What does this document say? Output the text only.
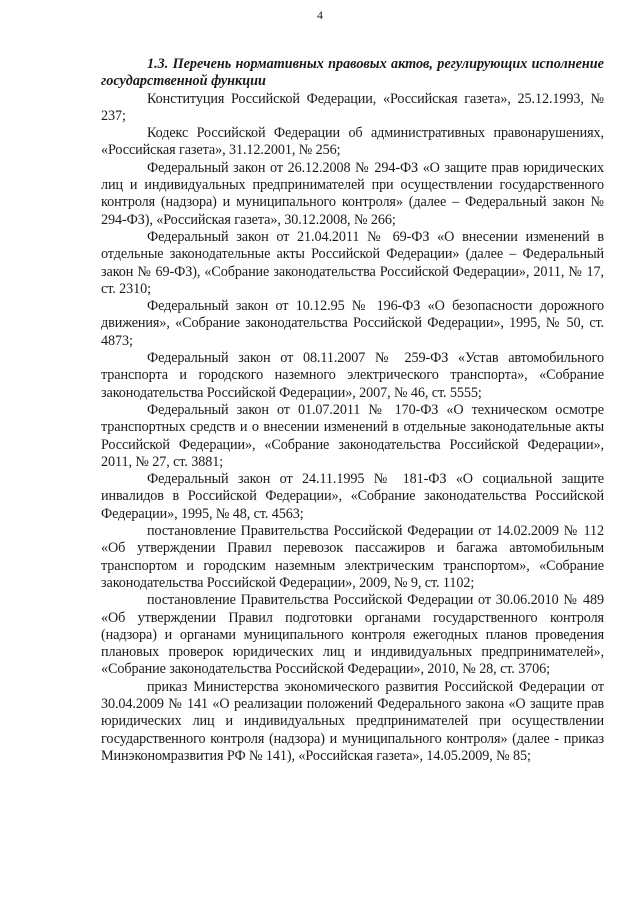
4

1.3. Перечень нормативных правовых актов, регулирующих исполнение государственной функции

Конституция Российской Федерации, «Российская газета», 25.12.1993, № 237;

Кодекс Российской Федерации об административных правонарушениях, «Российская газета», 31.12.2001, № 256;

Федеральный закон от 26.12.2008 № 294-ФЗ «О защите прав юридических лиц и индивидуальных предпринимателей при осуществлении государственного контроля (надзора) и муниципального контроля» (далее – Федеральный закон № 294-ФЗ), «Российская газета», 30.12.2008, № 266;

Федеральный закон от 21.04.2011 № 69-ФЗ «О внесении изменений в отдельные законодательные акты Российской Федерации» (далее – Федеральный закон № 69-ФЗ), «Собрание законодательства Российской Федерации», 2011, № 17, ст. 2310;

Федеральный закон от 10.12.95 № 196-ФЗ «О безопасности дорожного движения», «Собрание законодательства Российской Федерации», 1995, № 50, ст. 4873;

Федеральный закон от 08.11.2007 № 259-ФЗ «Устав автомобильного транспорта и городского наземного электрического транспорта», «Собрание законодательства Российской Федерации», 2007, № 46, ст. 5555;

Федеральный закон от 01.07.2011 № 170-ФЗ «О техническом осмотре транспортных средств и о внесении изменений в отдельные законодательные акты Российской Федерации», «Собрание законодательства Российской Федерации», 2011, № 27, ст. 3881;

Федеральный закон от 24.11.1995 № 181-ФЗ «О социальной защите инвалидов в Российской Федерации», «Собрание законодательства Российской Федерации», 1995, № 48, ст. 4563;

постановление Правительства Российской Федерации от 14.02.2009 № 112 «Об утверждении Правил перевозок пассажиров и багажа автомобильным транспортом и городским наземным электрическим транспортом», «Собрание законодательства Российской Федерации», 2009, № 9, ст. 1102;

постановление Правительства Российской Федерации от 30.06.2010 № 489 «Об утверждении Правил подготовки органами государственного контроля (надзора) и органами муниципального контроля ежегодных планов проведения плановых проверок юридических лиц и индивидуальных предпринимателей», «Собрание законодательства Российской Федерации», 2010, № 28, ст. 3706;

приказ Министерства экономического развития Российской Федерации от 30.04.2009 № 141 «О реализации положений Федерального закона «О защите прав юридических лиц и индивидуальных предпринимателей при осуществлении государственного контроля (надзора) и муниципального контроля» (далее - приказ Минэкономразвития РФ № 141), «Российская газета», 14.05.2009, № 85;
